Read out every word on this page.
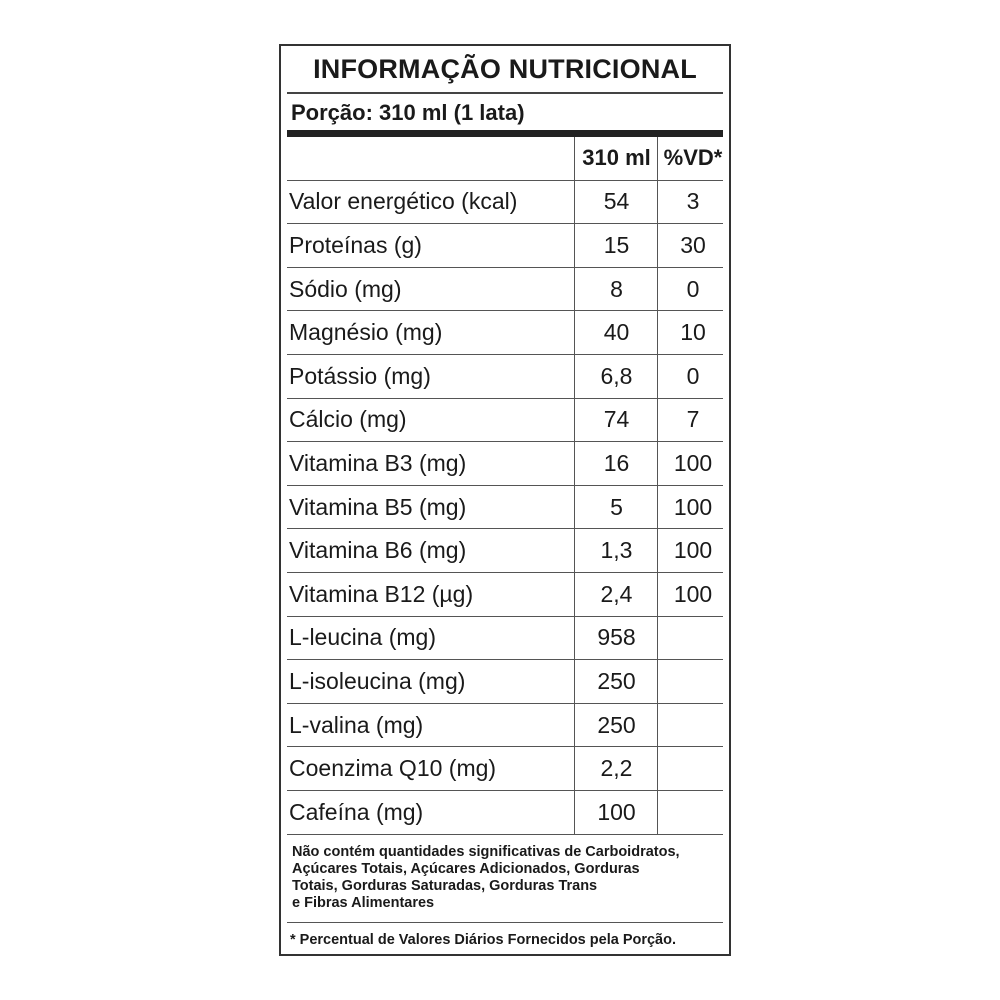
INFORMAÇÃO NUTRICIONAL
Porção: 310 ml (1 lata)
310 ml %VD*
Valor energético (kcal)	54	3
Proteínas (g)	15	30
Sódio (mg)	8	0
Magnésio (mg)	40	10
Potássio (mg)	6,8	0
Cálcio (mg)	74	7
Vitamina B3 (mg)	16	100
Vitamina B5 (mg)	5	100
Vitamina B6 (mg)	1,3	100
Vitamina B12 (µg)	2,4	100
L-leucina (mg)	958
L-isoleucina (mg)	250
L-valina (mg)	250
Coenzima Q10 (mg)	2,2
Cafeína (mg)	100
Não contém quantidades significativas de Carboidratos,
Açúcares Totais, Açúcares Adicionados, Gorduras
Totais, Gorduras Saturadas, Gorduras Trans
e Fibras Alimentares
* Percentual de Valores Diários Fornecidos pela Porção.
